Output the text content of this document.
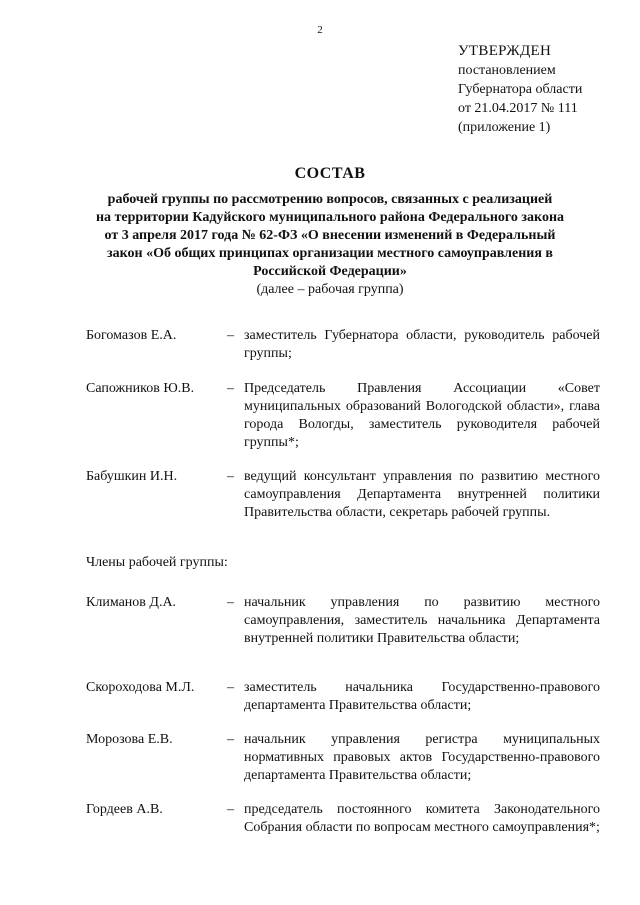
2
УТВЕРЖДЕН
постановлением
Губернатора области
от 21.04.2017 № 111
(приложение 1)
СОСТАВ
рабочей группы по рассмотрению вопросов, связанных с реализацией
на территории Кадуйского муниципального района Федерального закона
от 3 апреля 2017 года № 62-ФЗ «О внесении изменений в Федеральный
закон «Об общих принципах организации местного самоуправления в
Российской Федерации»
(далее – рабочая группа)
Богомазов Е.А.	– заместитель Губернатора области, руководитель рабочей группы;
Сапожников Ю.В.	– Председатель Правления Ассоциации «Совет муниципальных образований Вологодской области», глава города Вологды, заместитель руководителя рабочей группы*;
Бабушкин И.Н.	– ведущий консультант управления по развитию местного самоуправления Департамента внутренней политики Правительства области, секретарь рабочей группы.
Члены рабочей группы:
Климанов Д.А.	– начальник управления по развитию местного самоуправления, заместитель начальника Департамента внутренней политики Правительства области;
Скороходова М.Л.	– заместитель начальника Государственно-правового департамента Правительства области;
Морозова Е.В.	– начальник управления регистра муниципальных нормативных правовых актов Государственно-правового департамента Правительства области;
Гордеев А.В.	– председатель постоянного комитета Законодательного Собрания области по вопросам местного самоуправления*;
